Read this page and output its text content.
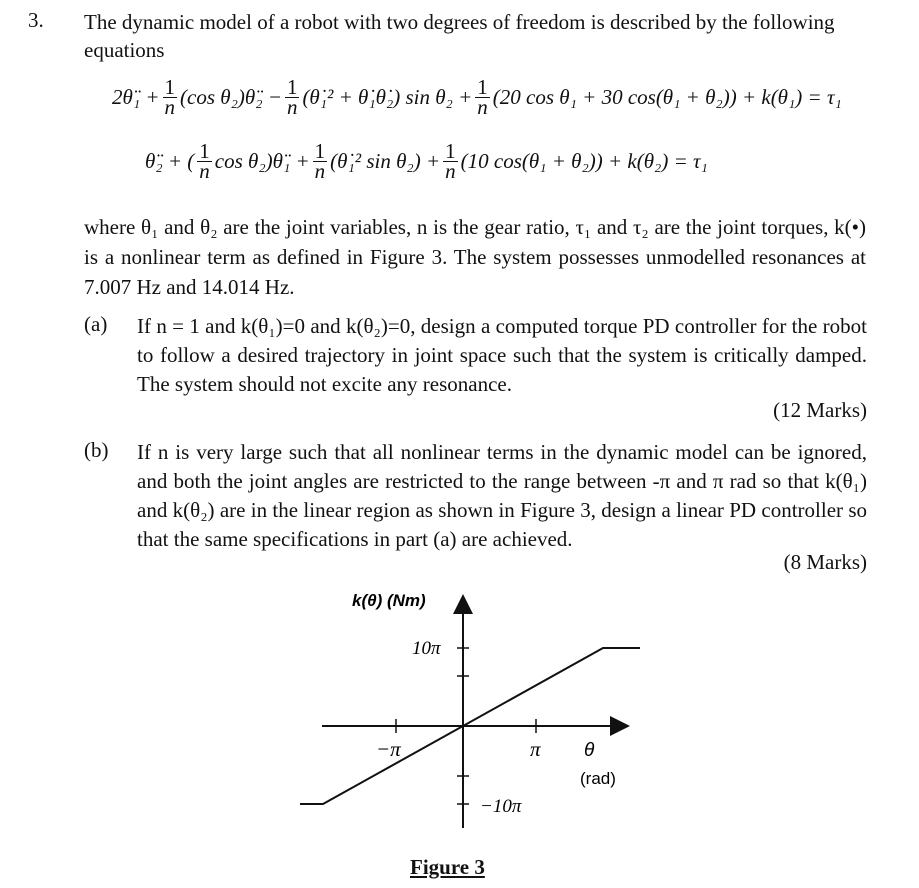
3. The dynamic model of a robot with two degrees of freedom is described by the following equations
2θ̈₁ + $\frac{1}{n} (\cos$ θ₂)θ̈₂ − $\frac{1}{n}$ (θ̇₁² + θ̇₁θ̇₂) $\sin \theta_2 + \frac{1}{n} (20$ cos θ₁ + 30 cos(θ₁ + θ₂)) + k(θ₁) = τ₁
θ̈₂ + ( $\frac{1}{n}$ cos θ₂)θ̈₁ + $\frac{1}{n}$ (θ̇₁² $\sin \theta_2) + \frac{1}{n} (10$ cos(θ₁ + θ₂)) + k(θ₂) = τ₁
where θ₁ and θ₂ are the joint variables, n is the gear ratio, τ₁ and τ₂ are the joint torques, k(•) is a nonlinear term as defined in Figure 3. The system possesses unmodelled resonances at 7.007 Hz and 14.014 Hz.
(a) If n = 1 and k(θ₁)=0 and k(θ₂)=0, design a computed torque PD controller for the robot to follow a desired trajectory in joint space such that the system is critically damped. The system should not excite any resonance.
(12 Marks)
(b) If n is very large such that all nonlinear terms in the dynamic model can be ignored, and both the joint angles are restricted to the range between -π and π rad so that k(θ₁) and k(θ₂) are in the linear region as shown in Figure 3, design a linear PD controller so that the same specifications in part (a) are achieved.
(8 Marks)
k(θ) (Nm)
10π
−10π
−π	π θ
(rad)
Figure 3
